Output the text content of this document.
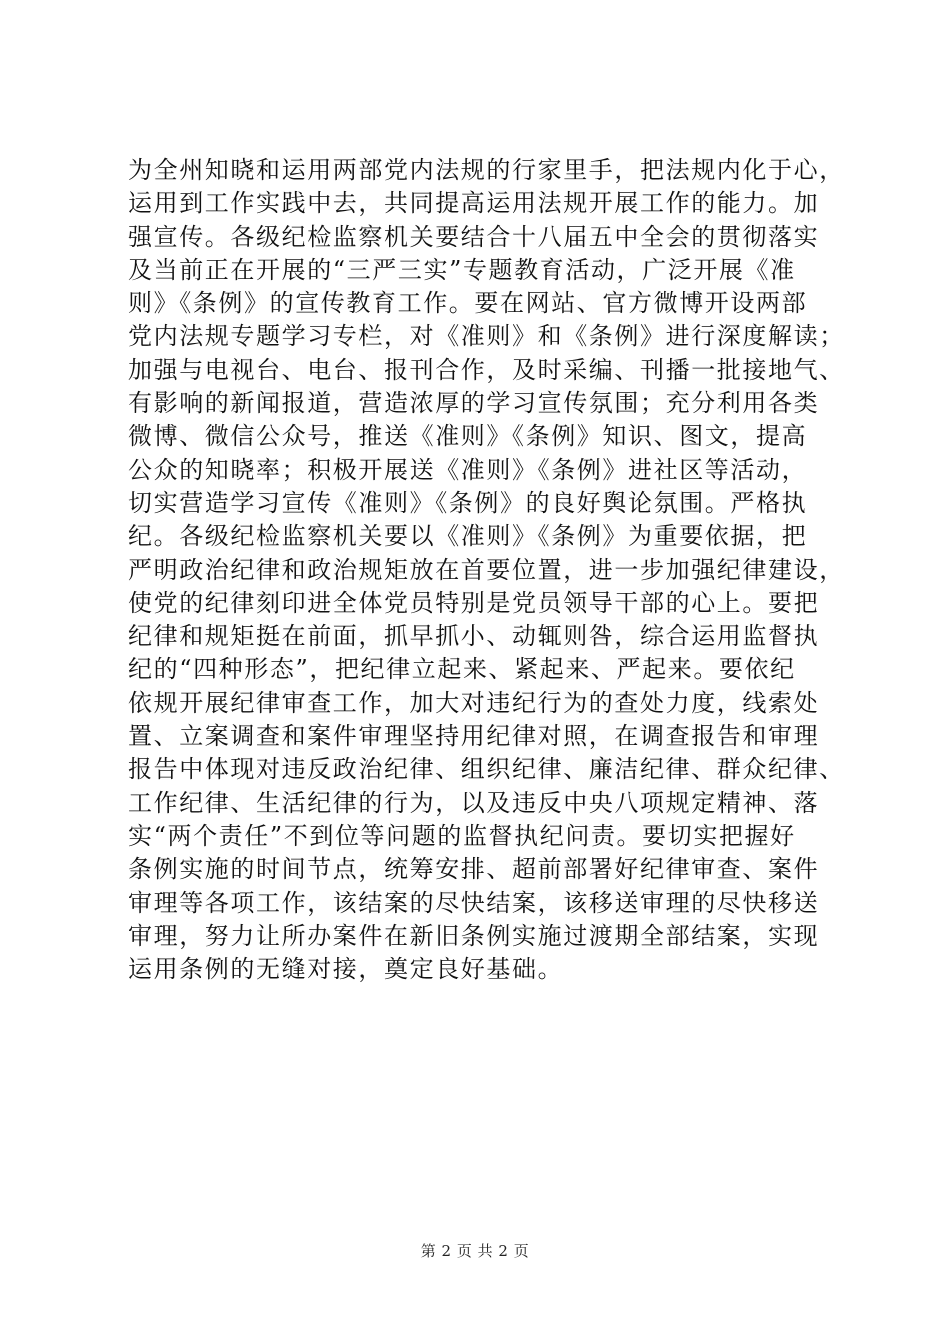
为全州知晓和运用两部党内法规的行家里手，把法规内化于心，
运用到工作实践中去，共同提高运用法规开展工作的能力。加
强宣传。各级纪检监察机关要结合十八届五中全会的贯彻落实
及当前正在开展的“三严三实”专题教育活动，广泛开展《准
则》《条例》的宣传教育工作。要在网站、官方微博开设两部
党内法规专题学习专栏，对《准则》和《条例》进行深度解读；
加强与电视台、电台、报刊合作，及时采编、刊播一批接地气、
有影响的新闻报道，营造浓厚的学习宣传氛围；充分利用各类
微博、微信公众号，推送《准则》《条例》知识、图文，提高
公众的知晓率；积极开展送《准则》《条例》进社区等活动，
切实营造学习宣传《准则》《条例》的良好舆论氛围。严格执
纪。各级纪检监察机关要以《准则》《条例》为重要依据，把
严明政治纪律和政治规矩放在首要位置，进一步加强纪律建设，
使党的纪律刻印进全体党员特别是党员领导干部的心上。要把
纪律和规矩挺在前面，抓早抓小、动辄则咎，综合运用监督执
纪的“四种形态”，把纪律立起来、紧起来、严起来。要依纪
依规开展纪律审查工作，加大对违纪行为的查处力度，线索处
置、立案调查和案件审理坚持用纪律对照，在调查报告和审理
报告中体现对违反政治纪律、组织纪律、廉洁纪律、群众纪律、
工作纪律、生活纪律的行为，以及违反中央八项规定精神、落
实“两个责任”不到位等问题的监督执纪问责。要切实把握好
条例实施的时间节点，统筹安排、超前部署好纪律审查、案件
审理等各项工作，该结案的尽快结案，该移送审理的尽快移送
审理，努力让所办案件在新旧条例实施过渡期全部结案，实现
运用条例的无缝对接，奠定良好基础。
第 2 页 共 2 页
